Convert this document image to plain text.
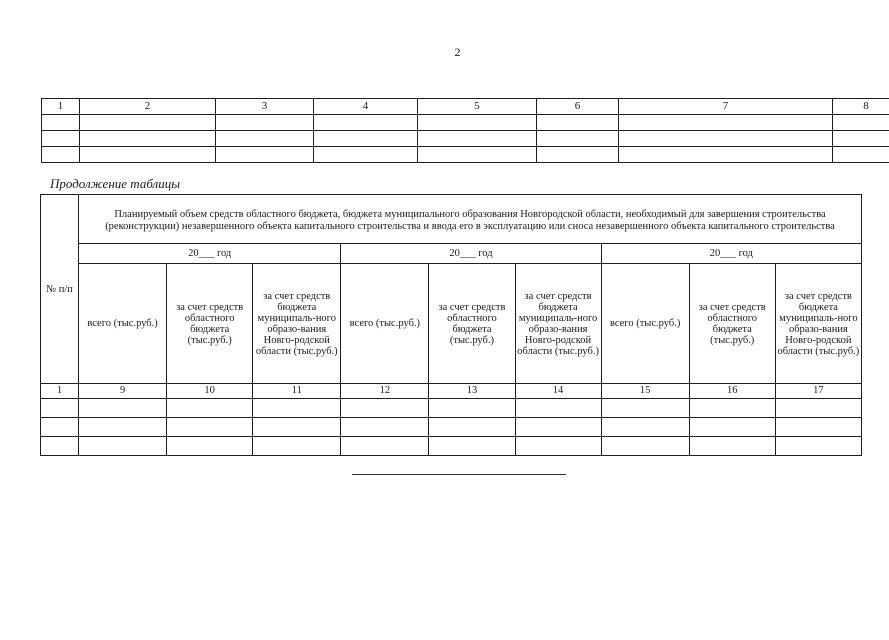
2
1	2	3	4	5	6	7	8

Продолжение таблицы
№ п/п	Планируемый объем средств областного бюджета, бюджета муниципального образования Новгородской области, необходимый для завершения строительства (реконструкции) незавершенного объекта капитального строительства и ввода его в эксплуатацию или сноса незавершенного объекта капитального строительства								
	20___ год			20___ год			20___ год		
	всего (тыс.руб.)	за счет средств областного бюджета (тыс.руб.)	за счет средств бюджета муниципаль-ного образо-вания Новго-родской области (тыс.руб.)	всего (тыс.руб.)	за счет средств областного бюджета (тыс.руб.)	за счет средств бюджета муниципаль-ного образо-вания Новго-родской области (тыс.руб.)	всего (тыс.руб.)	за счет средств областного бюджета (тыс.руб.)	за счет средств бюджета муниципаль-ного образо-вания Новго-родской области (тыс.руб.)
1	9	10	11	12	13	14	15	16	17
